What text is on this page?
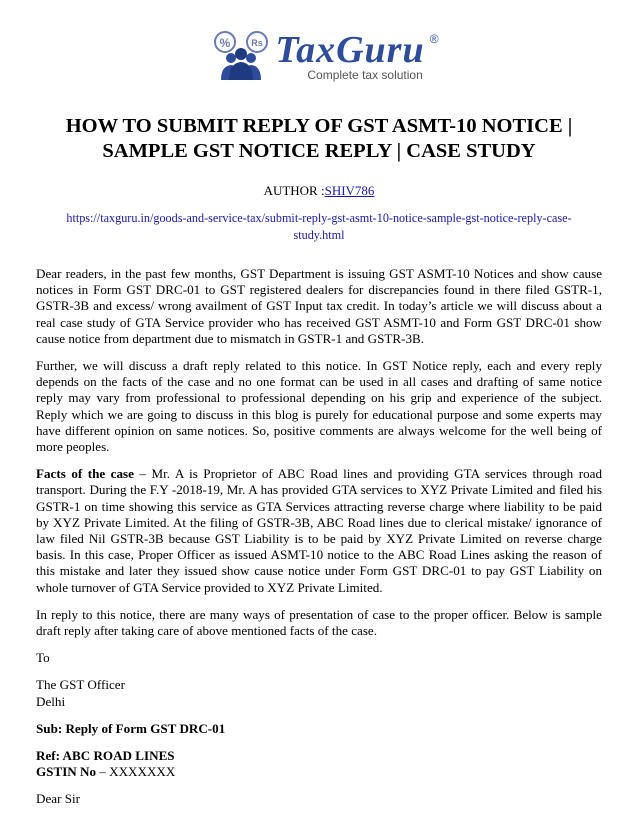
% Rs TaxGuru ®
Complete tax solution
HOW TO SUBMIT REPLY OF GST ASMT-10 NOTICE | SAMPLE GST NOTICE REPLY | CASE STUDY
AUTHOR :SHIV786
https://taxguru.in/goods-and-service-tax/submit-reply-gst-asmt-10-notice-sample-gst-notice-reply-case-study.html

Dear readers, in the past few months, GST Department is issuing GST ASMT-10 Notices and show cause notices in Form GST DRC-01 to GST registered dealers for discrepancies found in there filed GSTR-1, GSTR-3B and excess/ wrong availment of GST Input tax credit. In today’s article we will discuss about a real case study of GTA Service provider who has received GST ASMT-10 and Form GST DRC-01 show cause notice from department due to mismatch in GSTR-1 and GSTR-3B.

Further, we will discuss a draft reply related to this notice. In GST Notice reply, each and every reply depends on the facts of the case and no one format can be used in all cases and drafting of same notice reply may vary from professional to professional depending on his grip and experience of the subject. Reply which we are going to discuss in this blog is purely for educational purpose and some experts may have different opinion on same notices. So, positive comments are always welcome for the well being of more peoples.

Facts of the case – Mr. A is Proprietor of ABC Road lines and providing GTA services through road transport. During the F.Y -2018-19, Mr. A has provided GTA services to XYZ Private Limited and filed his GSTR-1 on time showing this service as GTA Services attracting reverse charge where liability to be paid by XYZ Private Limited. At the filing of GSTR-3B, ABC Road lines due to clerical mistake/ ignorance of law filed Nil GSTR-3B because GST Liability is to be paid by XYZ Private Limited on reverse charge basis. In this case, Proper Officer as issued ASMT-10 notice to the ABC Road Lines asking the reason of this mistake and later they issued show cause notice under Form GST DRC-01 to pay GST Liability on whole turnover of GTA Service provided to XYZ Private Limited.

In reply to this notice, there are many ways of presentation of case to the proper officer. Below is sample draft reply after taking care of above mentioned facts of the case.

To

The GST Officer
Delhi

Sub: Reply of Form GST DRC-01

Ref: ABC ROAD LINES
GSTIN No – XXXXXXX

Dear Sir
